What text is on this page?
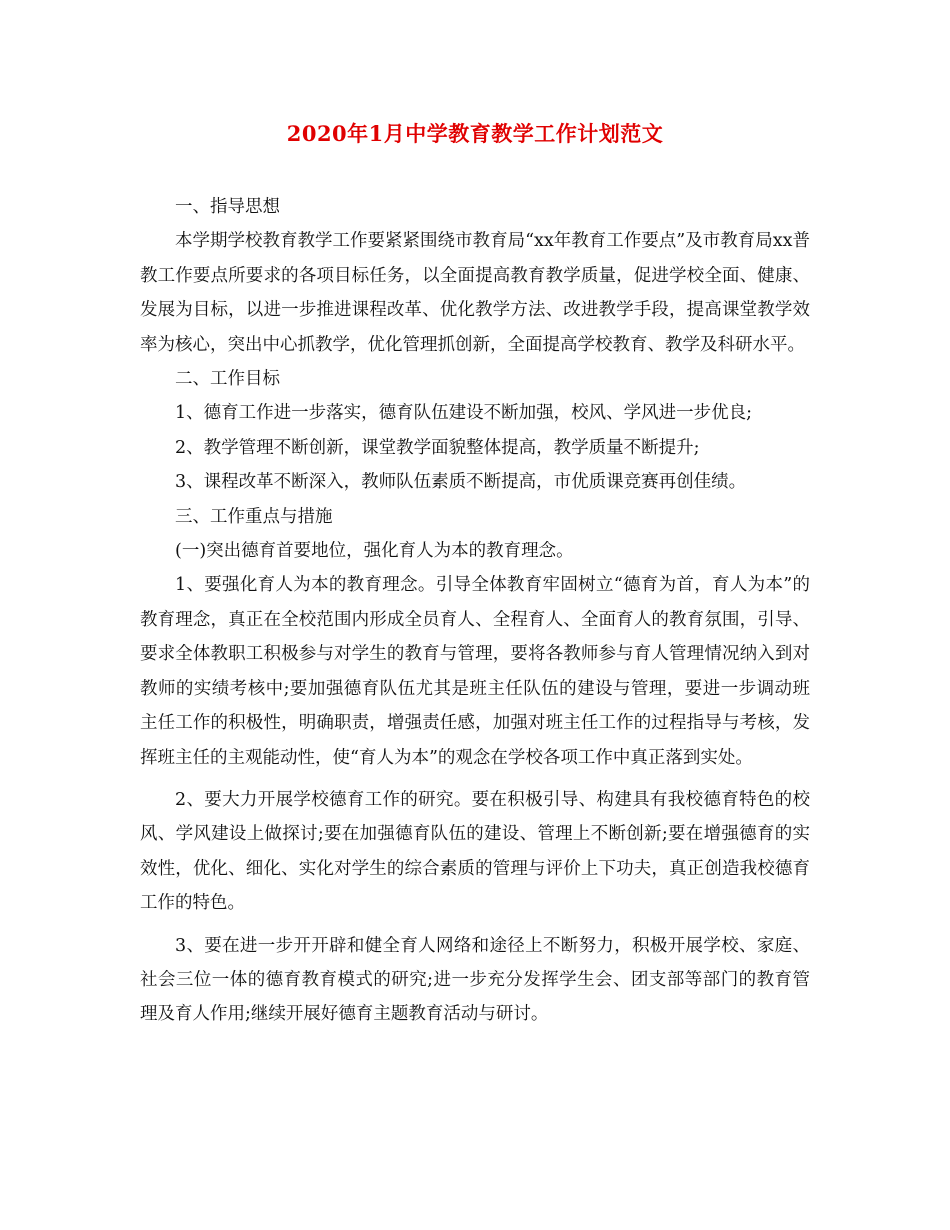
2020年1月中学教育教学工作计划范文

一、指导思想

本学期学校教育教学工作要紧紧围绕市教育局“xx年教育工作要点”及市教育局xx普教工作要点所要求的各项目标任务，以全面提高教育教学质量，促进学校全面、健康、发展为目标，以进一步推进课程改革、优化教学方法、改进教学手段，提高课堂教学效率为核心，突出中心抓教学，优化管理抓创新，全面提高学校教育、教学及科研水平。

二、工作目标

1、德育工作进一步落实，德育队伍建设不断加强，校风、学风进一步优良;

2、教学管理不断创新，课堂教学面貌整体提高，教学质量不断提升;

3、课程改革不断深入，教师队伍素质不断提高，市优质课竞赛再创佳绩。

三、工作重点与措施

(一)突出德育首要地位，强化育人为本的教育理念。

1、要强化育人为本的教育理念。引导全体教育牢固树立“德育为首，育人为本”的教育理念，真正在全校范围内形成全员育人、全程育人、全面育人的教育氛围，引导、要求全体教职工积极参与对学生的教育与管理，要将各教师参与育人管理情况纳入到对教师的实绩考核中;要加强德育队伍尤其是班主任队伍的建设与管理，要进一步调动班主任工作的积极性，明确职责，增强责任感，加强对班主任工作的过程指导与考核，发挥班主任的主观能动性，使“育人为本”的观念在学校各项工作中真正落到实处。

2、要大力开展学校德育工作的研究。要在积极引导、构建具有我校德育特色的校风、学风建设上做探讨;要在加强德育队伍的建设、管理上不断创新;要在增强德育的实效性，优化、细化、实化对学生的综合素质的管理与评价上下功夫，真正创造我校德育工作的特色。

3、要在进一步开开辟和健全育人网络和途径上不断努力，积极开展学校、家庭、社会三位一体的德育教育模式的研究;进一步充分发挥学生会、团支部等部门的教育管理及育人作用;继续开展好德育主题教育活动与研讨。
